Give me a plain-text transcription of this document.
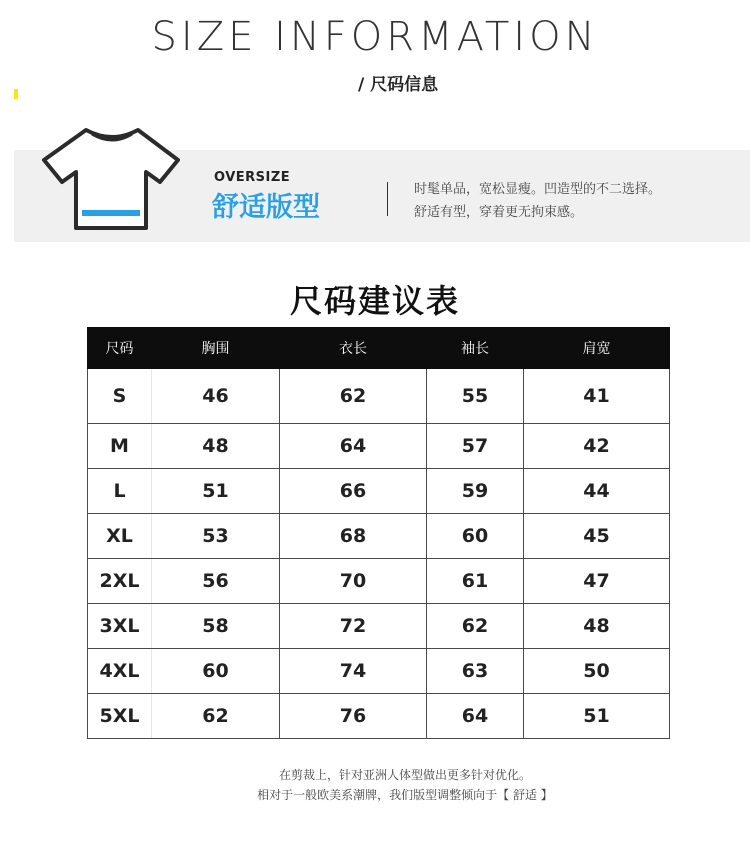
SIZE INFORMATION
/ 尺码信息
OVERSIZE
舒适版型
时髦单品，宽松显瘦。凹造型的不二选择。
舒适有型，穿着更无拘束感。
尺码建议表
尺码	胸围	衣长	袖长	肩宽
S	46	62	55	41
M	48	64	57	42
L	51	66	59	44
XL	53	68	60	45
2XL	56	70	61	47
3XL	58	72	62	48
4XL	60	74	63	50
5XL	62	76	64	51
在剪裁上，针对亚洲人体型做出更多针对优化。
相对于一般欧美系潮牌，我们版型调整倾向于【 舒适 】
